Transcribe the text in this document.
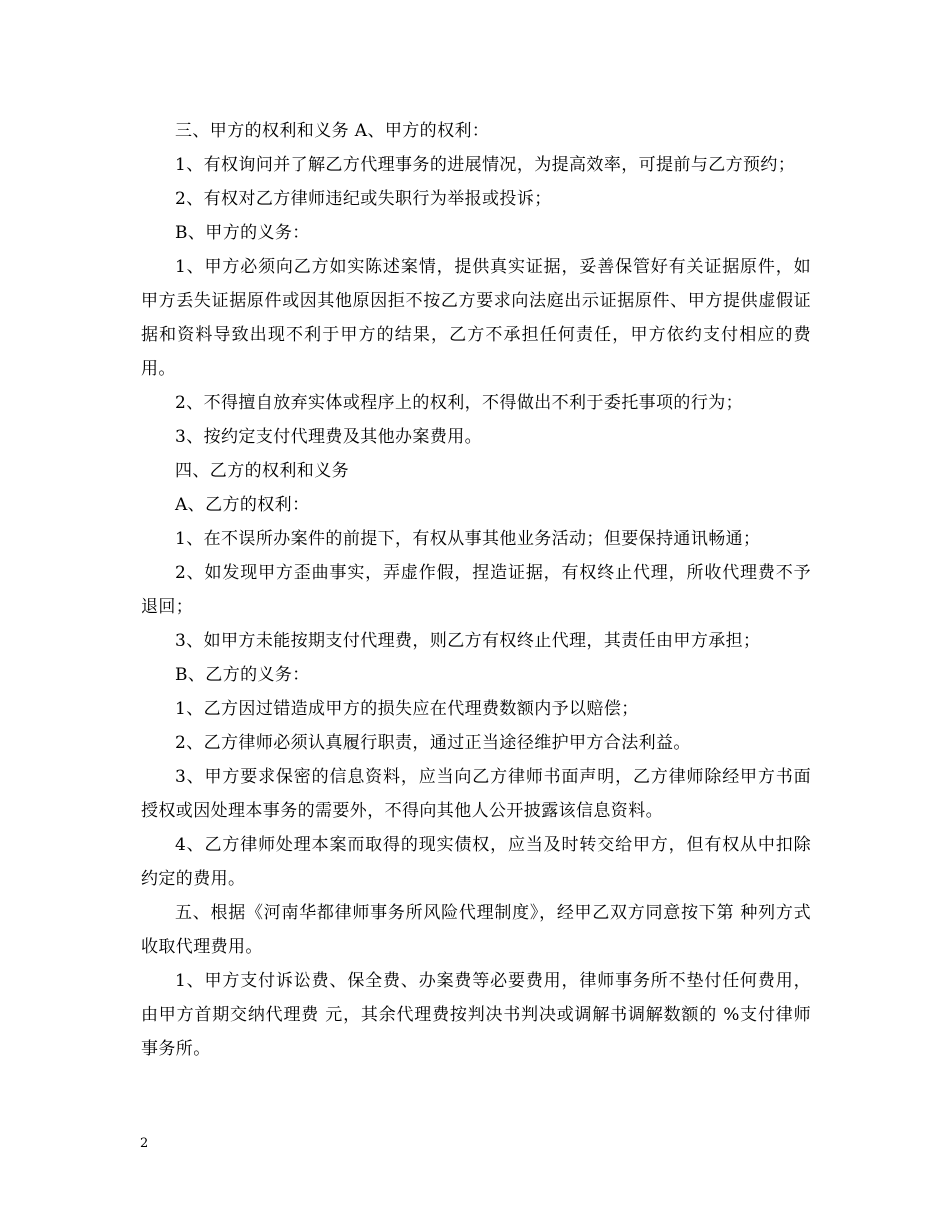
三、甲方的权利和义务 A、甲方的权利：

1、有权询问并了解乙方代理事务的进展情况，为提高效率，可提前与乙方预约；

2、有权对乙方律师违纪或失职行为举报或投诉；

B、甲方的义务：

1、甲方必须向乙方如实陈述案情，提供真实证据，妥善保管好有关证据原件，如甲方丢失证据原件或因其他原因拒不按乙方要求向法庭出示证据原件、甲方提供虚假证据和资料导致出现不利于甲方的结果，乙方不承担任何责任，甲方依约支付相应的费用。

2、不得擅自放弃实体或程序上的权利，不得做出不利于委托事项的行为；

3、按约定支付代理费及其他办案费用。

四、乙方的权利和义务

A、乙方的权利：

1、在不误所办案件的前提下，有权从事其他业务活动；但要保持通讯畅通；

2、如发现甲方歪曲事实，弄虚作假，捏造证据，有权终止代理，所收代理费不予退回；

3、如甲方未能按期支付代理费，则乙方有权终止代理，其责任由甲方承担；

B、乙方的义务：

1、乙方因过错造成甲方的损失应在代理费数额内予以赔偿；

2、乙方律师必须认真履行职责，通过正当途径维护甲方合法利益。

3、甲方要求保密的信息资料，应当向乙方律师书面声明，乙方律师除经甲方书面授权或因处理本事务的需要外，不得向其他人公开披露该信息资料。

4、乙方律师处理本案而取得的现实债权，应当及时转交给甲方，但有权从中扣除约定的费用。

五、根据《河南华都律师事务所风险代理制度》，经甲乙双方同意按下第 种列方式收取代理费用。

1、甲方支付诉讼费、保全费、办案费等必要费用，律师事务所不垫付任何费用，由甲方首期交纳代理费 元，其余代理费按判决书判决或调解书调解数额的 %支付律师事务所。

2
